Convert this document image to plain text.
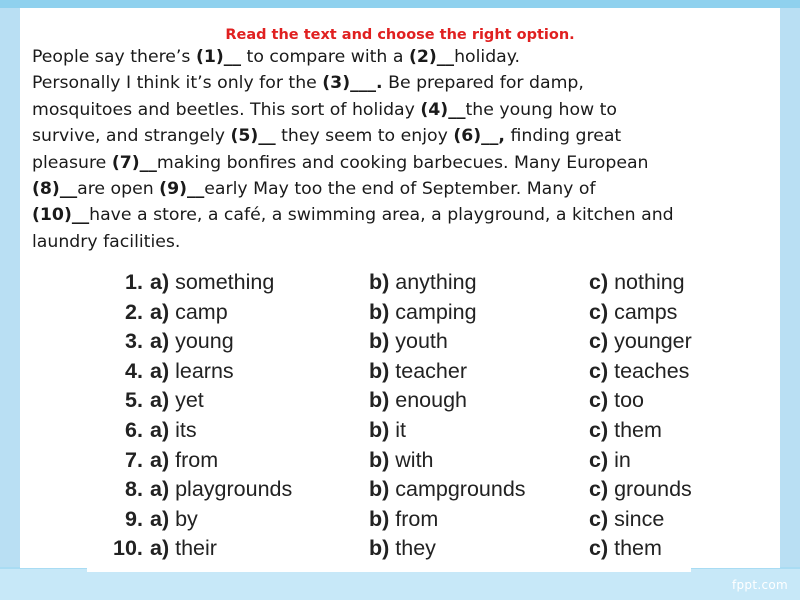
Read the text and choose the right option.
People say there’s (1)__ to compare with a (2)__holiday.
Personally I think it’s only for the (3)___. Be prepared for damp,
mosquitoes and beetles. This sort of holiday (4)__the young how to
survive, and strangely (5)__ they seem to enjoy (6)__, finding great
pleasure (7)__making bonfires and cooking barbecues. Many European
(8)__are open (9)__early May too the end of September. Many of
(10)__have a store, a café, a swimming area, a playground, a kitchen and
laundry facilities.
1. a) something	b) anything	c) nothing
2. a) camp	b) camping	c) camps
3. a) young	b) youth	c) younger
4. a) learns	b) teacher	c) teaches
5. a) yet	b) enough	c) too
6. a) its	b) it	c) them
7. a) from	b) with	c) in
8. a) playgrounds	b) campgrounds	c) grounds
9. a) by	b) from	c) since
10. a) their	b) they	c) them
fppt.com
